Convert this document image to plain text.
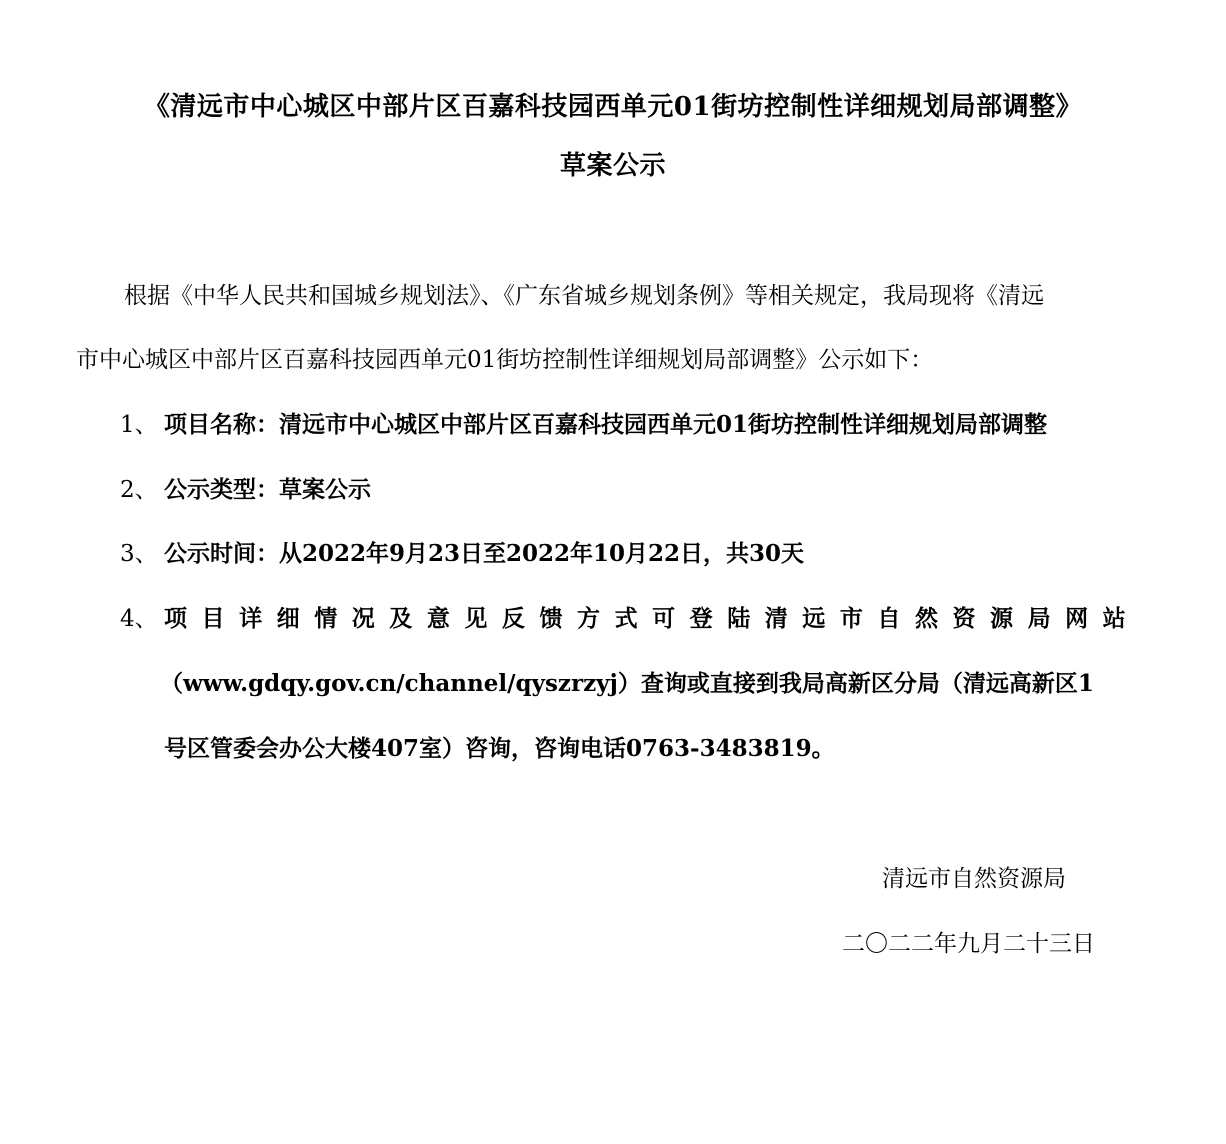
《清远市中心城区中部片区百嘉科技园西单元01街坊控制性详细规划局部调整》
草案公示
根据《中华人民共和国城乡规划法》、《广东省城乡规划条例》等相关规定，我局现将《清远
市中心城区中部片区百嘉科技园西单元01街坊控制性详细规划局部调整》公示如下：
1、 项目名称：清远市中心城区中部片区百嘉科技园西单元01街坊控制性详细规划局部调整
2、 公示类型：草案公示
3、 公示时间：从2022年9月23日至2022年10月22日，共30天
4、 项 目 详 细 情 况 及 意 见 反 馈 方 式 可 登 陆 清 远 市 自 然 资 源 局 网 站
（www.gdqy.gov.cn/channel/qyszrzyj）查询或直接到我局高新区分局（清远高新区1
号区管委会办公大楼407室）咨询，咨询电话0763-3483819。
清远市自然资源局
二〇二二年九月二十三日
